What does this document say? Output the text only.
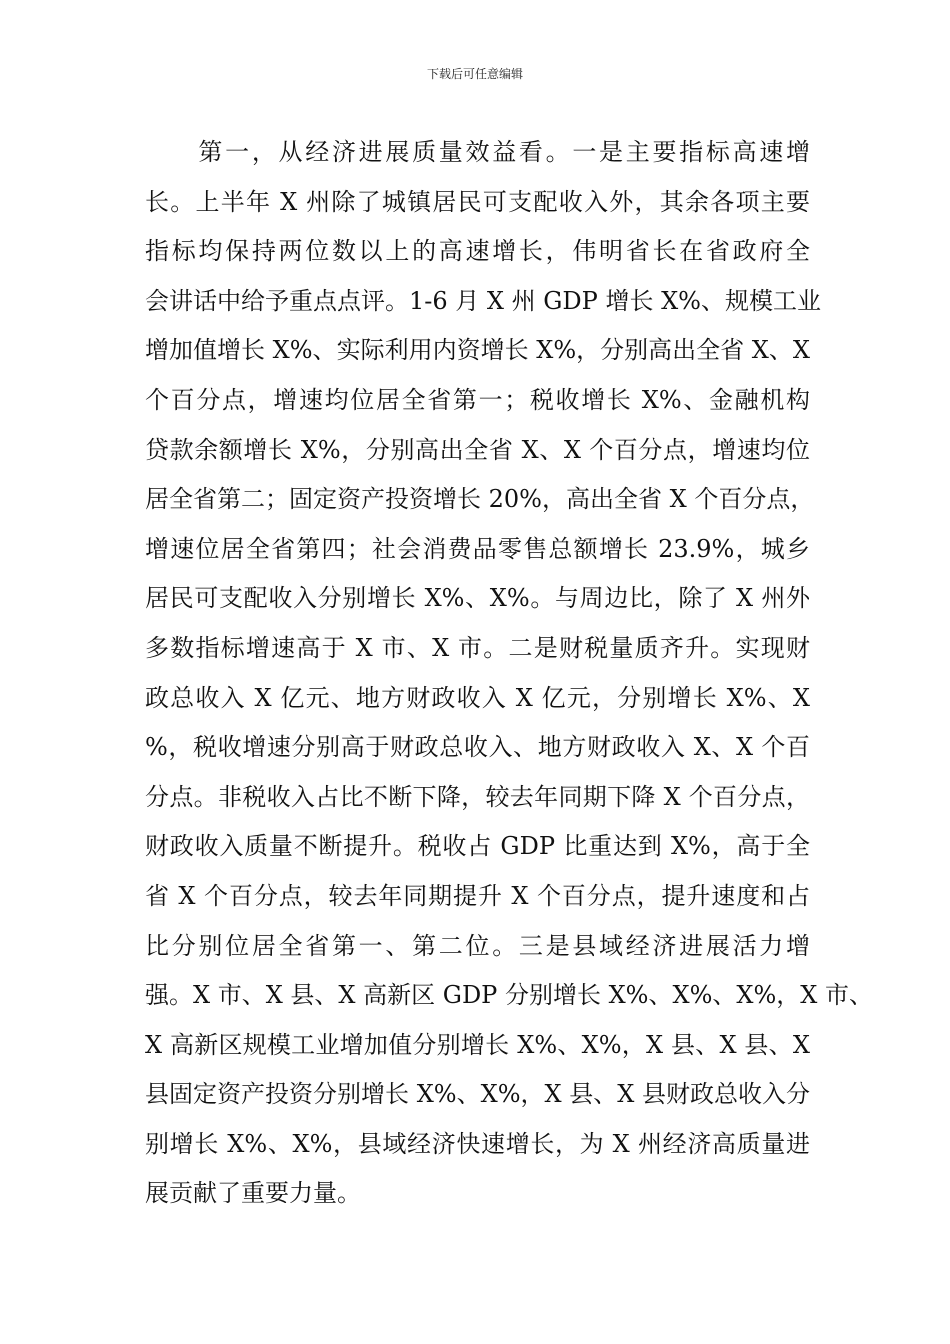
下载后可任意编辑
　　第一，从经济进展质量效益看。一是主要指标高速增
长。上半年 X 州除了城镇居民可支配收入外，其余各项主要
指标均保持两位数以上的高速增长，伟明省长在省政府全
会讲话中给予重点点评。1-6 月 X 州 GDP 增长 X%、规模工业
增加值增长 X%、实际利用内资增长 X%，分别高出全省 X、X
个百分点，增速均位居全省第一；税收增长 X%、金融机构
贷款余额增长 X%，分别高出全省 X、X 个百分点，增速均位
居全省第二；固定资产投资增长 20%，高出全省 X 个百分点，
增速位居全省第四；社会消费品零售总额增长 23.9%，城乡
居民可支配收入分别增长 X%、X%。与周边比，除了 X 州外
多数指标增速高于 X 市、X 市。二是财税量质齐升。实现财
政总收入 X 亿元、地方财政收入 X 亿元，分别增长 X%、X
%，税收增速分别高于财政总收入、地方财政收入 X、X 个百
分点。非税收入占比不断下降，较去年同期下降 X 个百分点，
财政收入质量不断提升。税收占 GDP 比重达到 X%，高于全
省 X 个百分点，较去年同期提升 X 个百分点，提升速度和占
比分别位居全省第一、第二位。三是县域经济进展活力增
强。X 市、X 县、X 高新区 GDP 分别增长 X%、X%、X%，X 市、
X 高新区规模工业增加值分别增长 X%、X%，X 县、X 县、X
县固定资产投资分别增长 X%、X%，X 县、X 县财政总收入分
别增长 X%、X%，县域经济快速增长，为 X 州经济高质量进
展贡献了重要力量。
